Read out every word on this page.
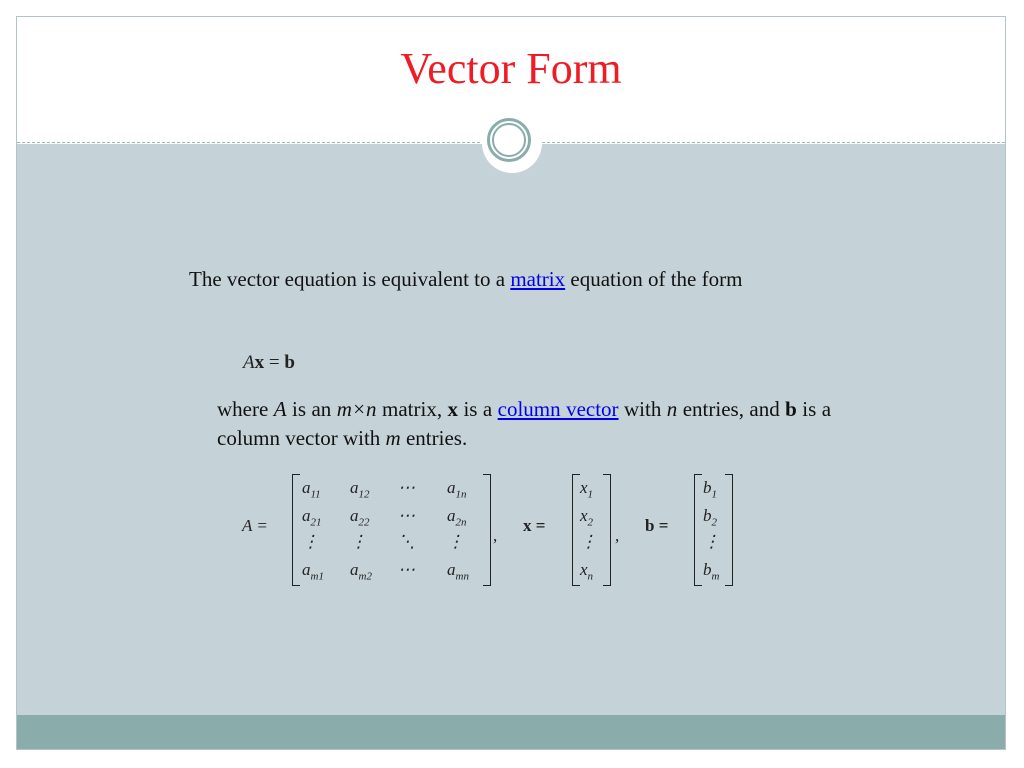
Vector Form
The vector equation is equivalent to a matrix equation of the form
Ax = b
where A is an m×n matrix, x is a column vector with n entries, and b is a column vector with m entries.
A =
,
x =
,
b =
$a_{11}$ $a_{12}$ ⋯ $a_{1n}$
$a_{21}$ $a_{22}$ ⋯ $a_{2n}$
⋮ ⋮ ⋱ ⋮
$a_{m1}$ $a_{m2}$ ⋯ $a_{mn}$
$x_1$
$x_2$
⋮
$x_n$
$b_1$
$b_2$
⋮
$b_m$
